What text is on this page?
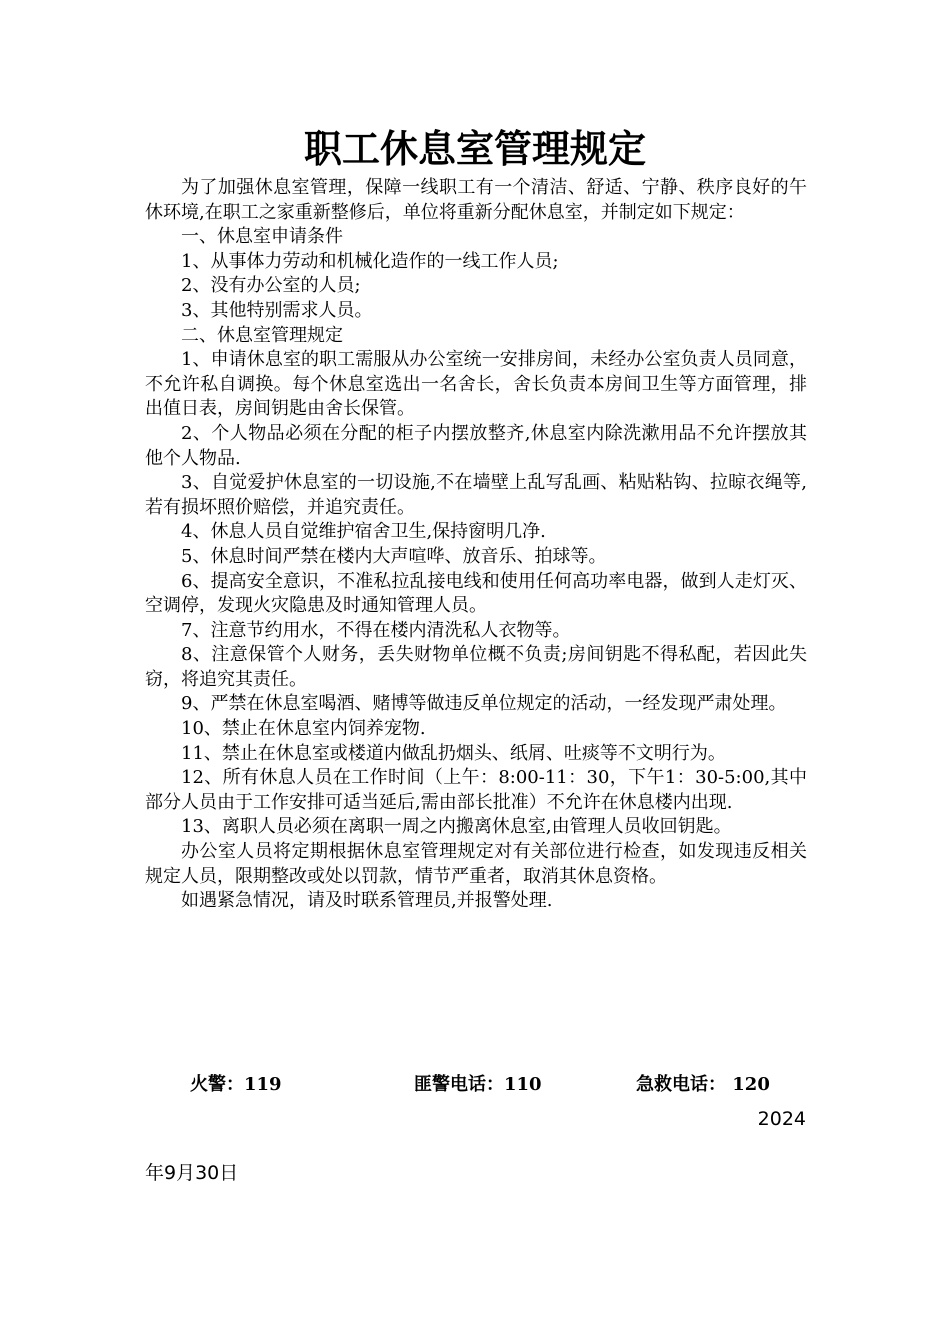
职工休息室管理规定

为了加强休息室管理，保障一线职工有一个清洁、舒适、宁静、秩序良好的午休环境,在职工之家重新整修后，单位将重新分配休息室，并制定如下规定：

一、休息室申请条件

1、从事体力劳动和机械化造作的一线工作人员;

2、没有办公室的人员;

3、其他特别需求人员。

二、休息室管理规定

1、申请休息室的职工需服从办公室统一安排房间，未经办公室负责人员同意，不允许私自调换。每个休息室选出一名舍长，舍长负责本房间卫生等方面管理，排出值日表，房间钥匙由舍长保管。

2、个人物品必须在分配的柜子内摆放整齐,休息室内除洗漱用品不允许摆放其他个人物品.

3、自觉爱护休息室的一切设施,不在墙壁上乱写乱画、粘贴粘钩、拉晾衣绳等,若有损坏照价赔偿，并追究责任。

4、休息人员自觉维护宿舍卫生,保持窗明几净.

5、休息时间严禁在楼内大声喧哗、放音乐、拍球等。

6、提高安全意识，不准私拉乱接电线和使用任何高功率电器，做到人走灯灭、空调停，发现火灾隐患及时通知管理人员。

7、注意节约用水，不得在楼内清洗私人衣物等。

8、注意保管个人财务，丢失财物单位概不负责;房间钥匙不得私配，若因此失窃，将追究其责任。

9、严禁在休息室喝酒、赌博等做违反单位规定的活动，一经发现严肃处理。

10、禁止在休息室内饲养宠物.

11、禁止在休息室或楼道内做乱扔烟头、纸屑、吐痰等不文明行为。

12、所有休息人员在工作时间（上午：8:00-11：30，下午1：30-5:00,其中部分人员由于工作安排可适当延后,需由部长批准）不允许在休息楼内出现.

13、离职人员必须在离职一周之内搬离休息室,由管理人员收回钥匙。

办公室人员将定期根据休息室管理规定对有关部位进行检查，如发现违反相关规定人员，限期整改或处以罚款，情节严重者，取消其休息资格。

如遇紧急情况，请及时联系管理员,并报警处理.

火警：119	匪警电话：110	急救电话： 120
2024
年9月30日
